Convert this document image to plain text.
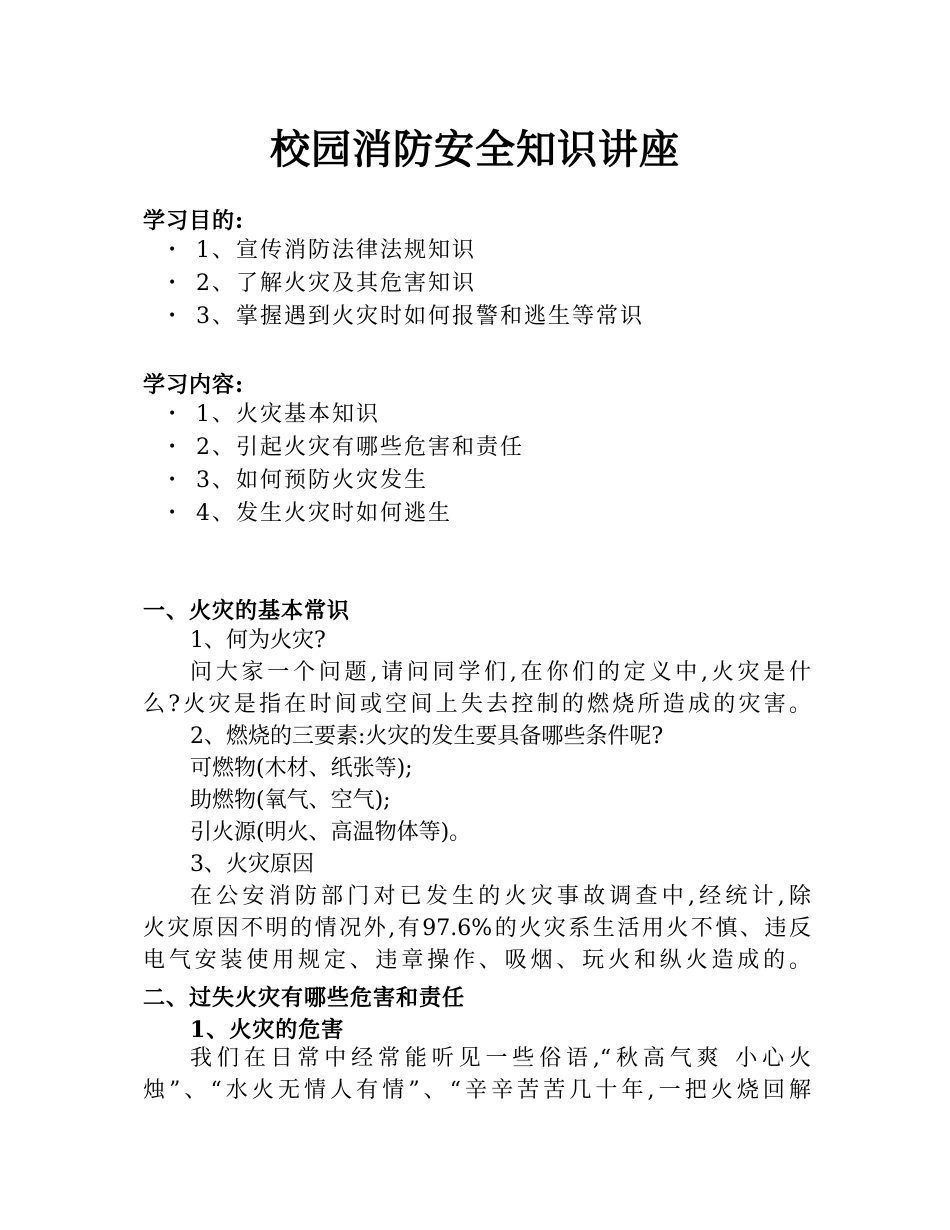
校园消防安全知识讲座
学习目的:
• 1、宣传消防法律法规知识
• 2、了解火灾及其危害知识
• 3、掌握遇到火灾时如何报警和逃生等常识
学习内容:
• 1、火灾基本知识
• 2、引起火灾有哪些危害和责任
• 3、如何预防火灾发生
• 4、发生火灾时如何逃生
一、火灾的基本常识
1、何为火灾?
问大家一个问题,请问同学们,在你们的定义中,火灾是什
么?火灾是指在时间或空间上失去控制的燃烧所造成的灾害。
2、燃烧的三要素:火灾的发生要具备哪些条件呢?
可燃物(木材、纸张等);
助燃物(氧气、空气);
引火源(明火、高温物体等)。
3、火灾原因
在公安消防部门对已发生的火灾事故调查中,经统计,除
火灾原因不明的情况外,有97.6%的火灾系生活用火不慎、违反
电气安装使用规定、违章操作、吸烟、玩火和纵火造成的。
二、过失火灾有哪些危害和责任
1、火灾的危害
我们在日常中经常能听见一些俗语,“秋高气爽 小心火
烛”、“水火无情人有情”、“辛辛苦苦几十年,一把火烧回解
